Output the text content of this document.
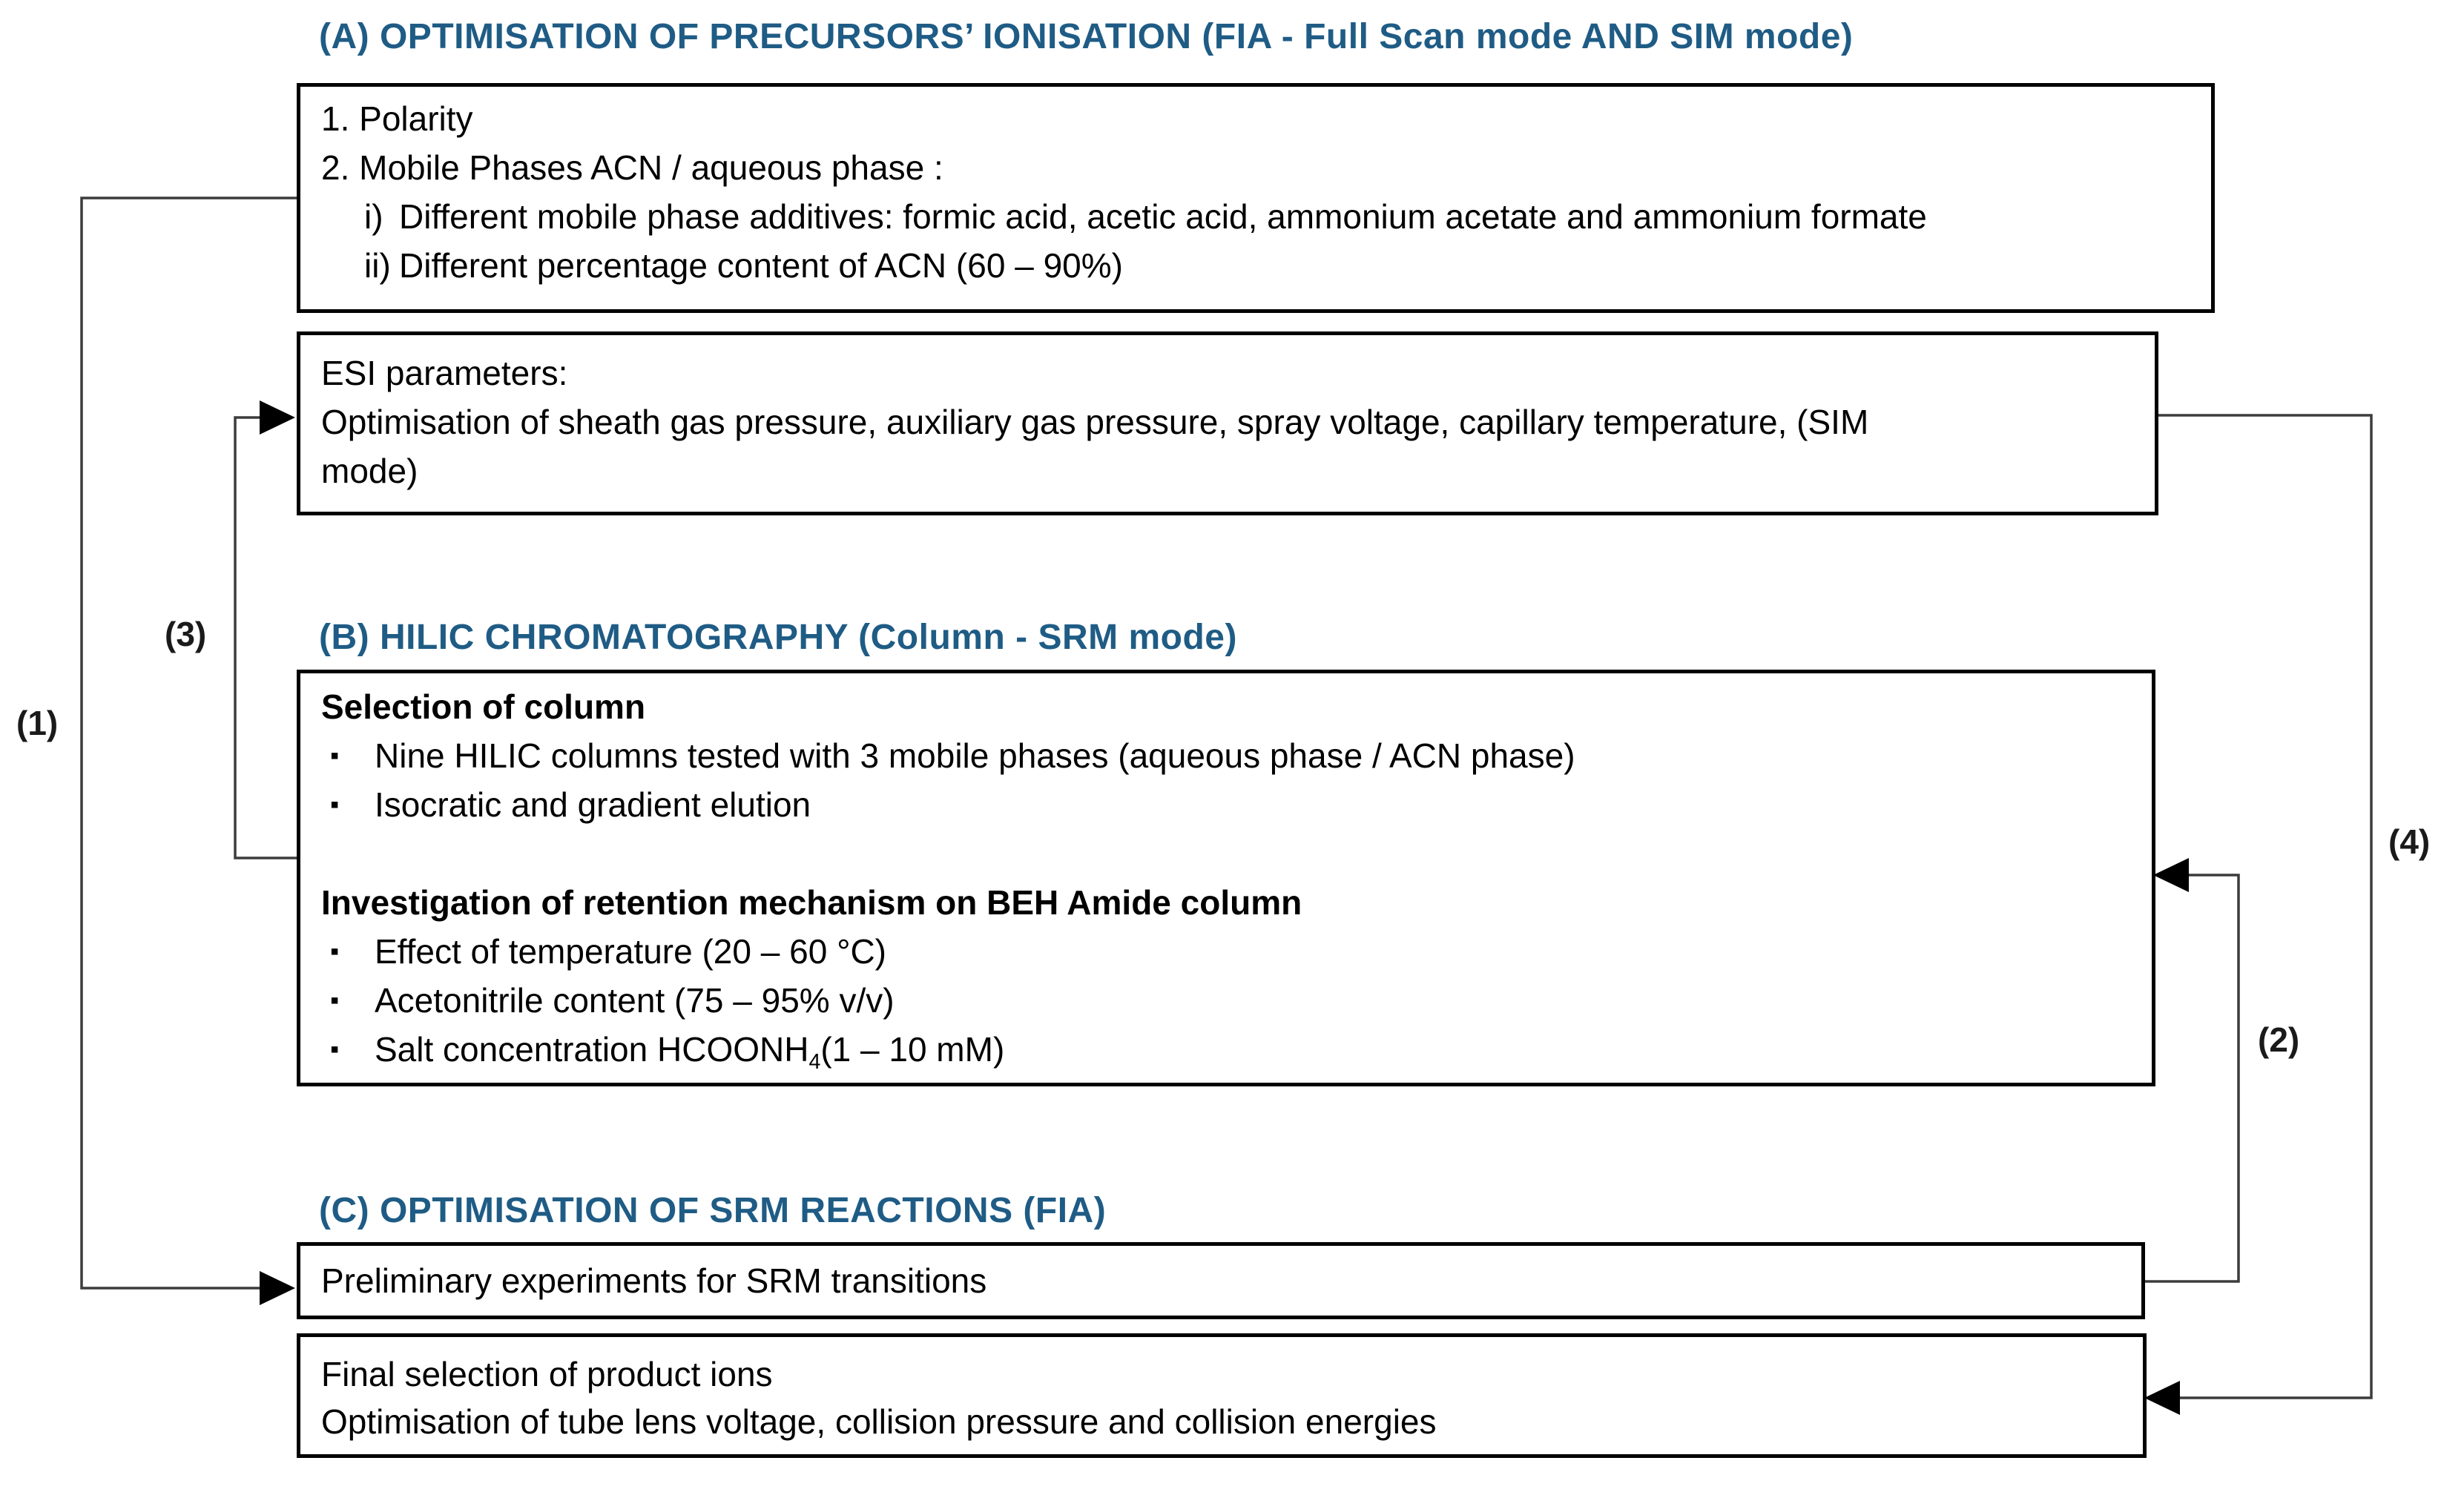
(A) OPTIMISATION OF PRECURSORS’ IONISATION (FIA - Full Scan mode AND SIM mode)

1. Polarity

2. Mobile Phases ACN / aqueous phase :

i) Different mobile phase additives: formic acid, acetic acid, ammonium acetate and ammonium formate
ii) Different percentage content of ACN (60 – 90%)

ESI parameters:

Optimisation of sheath gas pressure, auxiliary gas pressure, spray voltage, capillary temperature, (SIM

mode)

(B) HILIC CHROMATOGRAPHY (Column - SRM mode)

Selection of column

▪	Nine HILIC columns tested with 3 mobile phases (aqueous phase / ACN phase)
▪	Isocratic and gradient elution

Investigation of retention mechanism on BEH Amide column

▪	Effect of temperature (20 – 60 °C)
▪	Acetonitrile content (75 – 95% v/v)
▪	Salt concentration $HCOONH_4(1 - 10$ mM)
(C) OPTIMISATION OF SRM REACTIONS (FIA)

Preliminary experiments for SRM transitions

Final selection of product ions

Optimisation of tube lens voltage, collision pressure and collision energies

(1)
(2)
(3)
(4)
